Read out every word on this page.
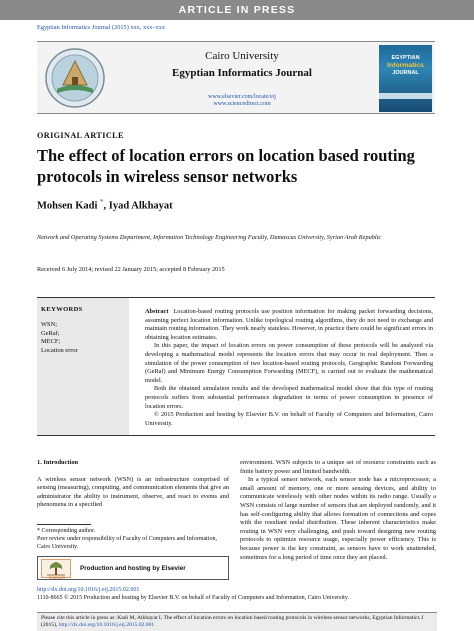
ARTICLE IN PRESS
Egyptian Informatics Journal (2015) xxx, xxx–xxx
Cairo University
Egyptian Informatics Journal
www.elsevier.com/locate/eij
www.sciencedirect.com
EGYPTIAN
Informatics
JOURNAL
ORIGINAL ARTICLE
The effect of location errors on location based routing protocols in wireless sensor networks
Mohsen Kadi *, Iyad Alkhayat
Network and Operating Systems Department, Information Technology Engineering Faculty, Damascus University, Syrian Arab Republic
Received 6 July 2014; revised 22 January 2015; accepted 8 February 2015
KEYWORDS
WSN;
GeRaf;
MECF;
Location error

Abstract Location-based routing protocols use position information for making packet forwarding decisions, assuming perfect location information. Unlike topological routing algorithms, they do not need to exchange and maintain routing information. They work nearly stateless. However, in practice there could be significant errors in obtaining location estimates.

In this paper, the impact of location errors on power consumption of these protocols will be analyzed via developing a mathematical model represents the location errors that may occur in real deployment. Then a simulation of the power consumption of two location-based routing protocols, Geographic Random Forwarding (GeRaf) and Minimum Energy Consumption Forwarding (MECF), is carried out to evaluate the mathematical model.

Both the obtained simulation results and the developed mathematical model show that this type of routing protocols suffers from substantial performance degradation in terms of power consumption in presence of location errors.

© 2015 Production and hosting by Elsevier B.V. on behalf of Faculty of Computers and Information, Cairo University.

1. Introduction
A wireless sensor network (WSN) is an infrastructure comprised of sensing (measuring), computing, and communication elements that give an administrator the ability to instrument, observe, and react to events and phenomena in a specified

environment. WSN subjects to a unique set of resource constraints such as finite battery power and limited bandwidth.

In a typical sensor network, each sensor node has a microprocessor, a small amount of memory, one or more sensing devices, and ability to communicate wirelessly with other nodes within its radio range. Usually a WSN consists of large number of sensors that are deployed randomly, and it has self-configuring ability that allows formation of connections and copes with the resultant nodal distribution. These inherent characteristics make routing in WSN very challenging, and push toward designing new routing protocols to optimize resource usage, especially power efficiency. This is because power is the key constraint, as sensors have to work unattended, sometimes for a long period of time once they are placed.

* Corresponding author.
Peer review under responsibility of Faculty of Computers and Information, Cairo University.
ELSEVIER
Production and hosting by Elsevier
http://dx.doi.org/10.1016/j.eij.2015.02.001
1110-8665 © 2015 Production and hosting by Elsevier B.V. on behalf of Faculty of Computers and Information, Cairo University.
Please cite this article in press as: Kadi M, Alkhayat I, The effect of location errors on location based routing protocols in wireless sensor networks, Egyptian Informatics J (2015), http://dx.doi.org/10.1016/j.eij.2015.02.001
